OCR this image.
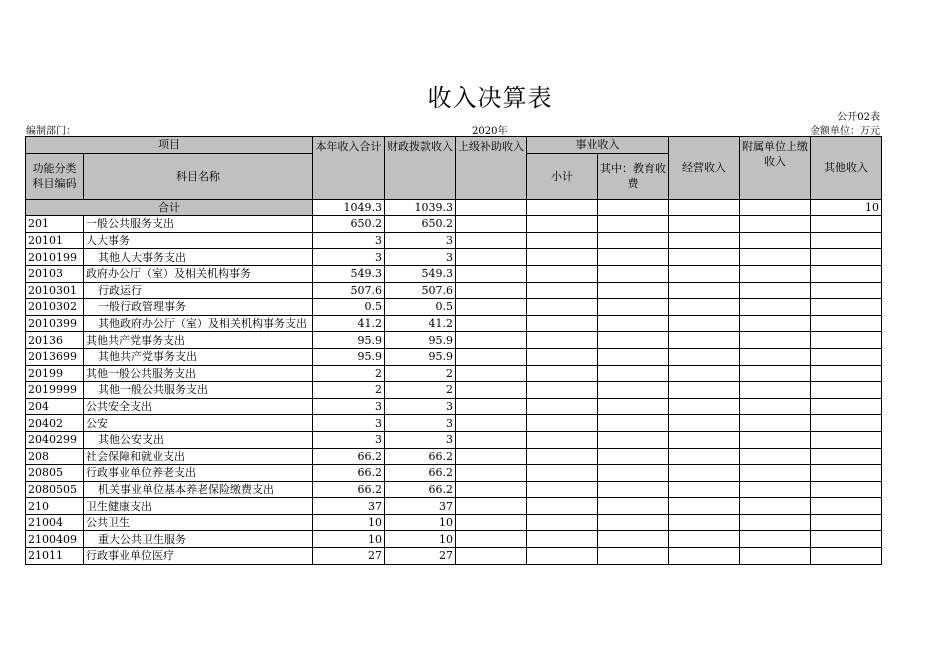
收入决算表
公开02表
编制部门：	2020年	金额单位：万元
项目		本年收入合计	财政拨款收入	上级补助收入	事业收入		经营收入	附属单位上缴收入	其他收入
功能分类科目编码	科目名称								
					小计	其中：教育收费			
合计		1049.3	1039.3						10
201	一般公共服务支出	650.2	650.2						
20101	人大事务	3	3						
2010199	其他人大事务支出	3	3						
20103	政府办公厅（室）及相关机构事务	549.3	549.3						
2010301	行政运行	507.6	507.6						
2010302	一般行政管理事务	0.5	0.5						
2010399	其他政府办公厅（室）及相关机构事务支出	41.2	41.2						
20136	其他共产党事务支出	95.9	95.9						
2013699	其他共产党事务支出	95.9	95.9						
20199	其他一般公共服务支出	2	2						
2019999	其他一般公共服务支出	2	2						
204	公共安全支出	3	3						
20402	公安	3	3						
2040299	其他公安支出	3	3						
208	社会保障和就业支出	66.2	66.2						
20805	行政事业单位养老支出	66.2	66.2						
2080505	机关事业单位基本养老保险缴费支出	66.2	66.2						
210	卫生健康支出	37	37						
21004	公共卫生	10	10						
2100409	重大公共卫生服务	10	10						
21011	行政事业单位医疗	27	27						
